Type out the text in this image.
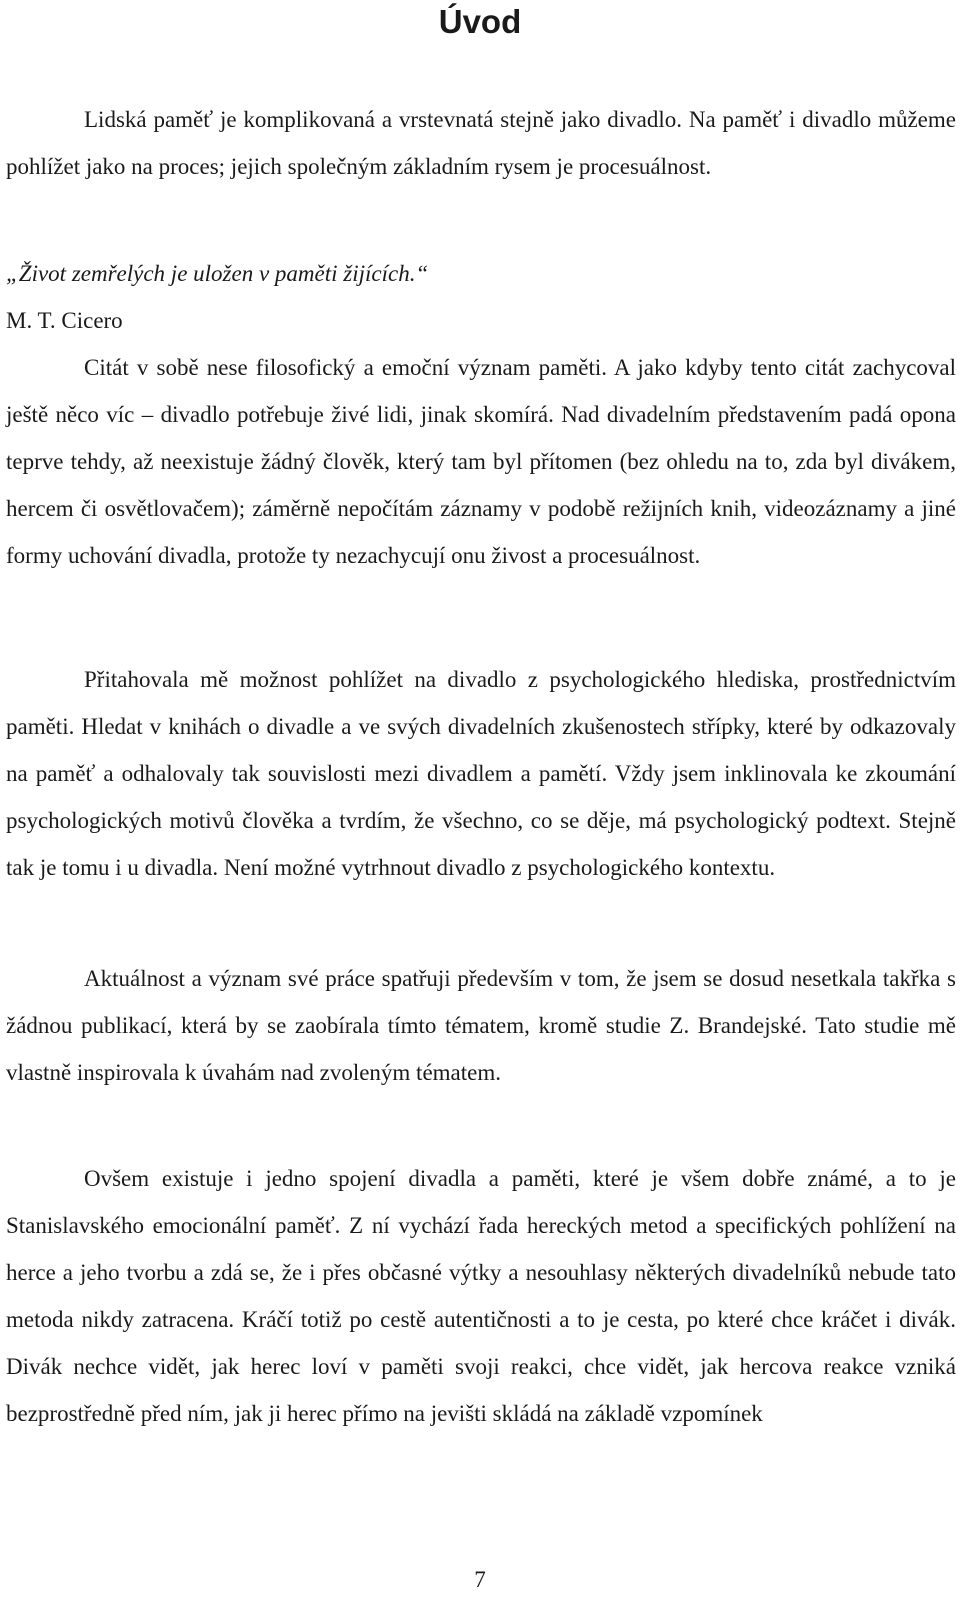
Úvod

Lidská paměť je komplikovaná a vrstevnatá stejně jako divadlo. Na paměť i divadlo můžeme pohlížet jako na proces; jejich společným základním rysem je procesuálnost.

„Život zemřelých je uložen v paměti žijících.“

M. T. Cicero

Citát v sobě nese filosofický a emoční význam paměti. A jako kdyby tento citát zachycoval ještě něco víc – divadlo potřebuje živé lidi, jinak skomírá. Nad divadelním představením padá opona teprve tehdy, až neexistuje žádný člověk, který tam byl přítomen (bez ohledu na to, zda byl divákem, hercem či osvětlovačem); záměrně nepočítám záznamy v podobě režijních knih, videozáznamy a jiné formy uchování divadla, protože ty nezachycují onu živost a procesuálnost.

Přitahovala mě možnost pohlížet na divadlo z psychologického hlediska, prostřednictvím paměti. Hledat v knihách o divadle a ve svých divadelních zkušenostech střípky, které by odkazovaly na paměť a odhalovaly tak souvislosti mezi divadlem a pamětí. Vždy jsem inklinovala ke zkoumání psychologických motivů člověka a tvrdím, že všechno, co se děje, má psychologický podtext. Stejně tak je tomu i u divadla. Není možné vytrhnout divadlo z psychologického kontextu.

Aktuálnost a význam své práce spatřuji především v tom, že jsem se dosud nesetkala takřka s žádnou publikací, která by se zaobírala tímto tématem, kromě studie Z. Brandejské. Tato studie mě vlastně inspirovala k úvahám nad zvoleným tématem.

Ovšem existuje i jedno spojení divadla a paměti, které je všem dobře známé, a to je Stanislavského emocionální paměť. Z ní vychází řada hereckých metod a specifických pohlížení na herce a jeho tvorbu a zdá se, že i přes občasné výtky a nesouhlasy některých divadelníků nebude tato metoda nikdy zatracena. Kráčí totiž po cestě autentičnosti a to je cesta, po které chce kráčet i divák. Divák nechce vidět, jak herec loví v paměti svoji reakci, chce vidět, jak hercova reakce vzniká bezprostředně před ním, jak ji herec přímo na jevišti skládá na základě vzpomínek

7
